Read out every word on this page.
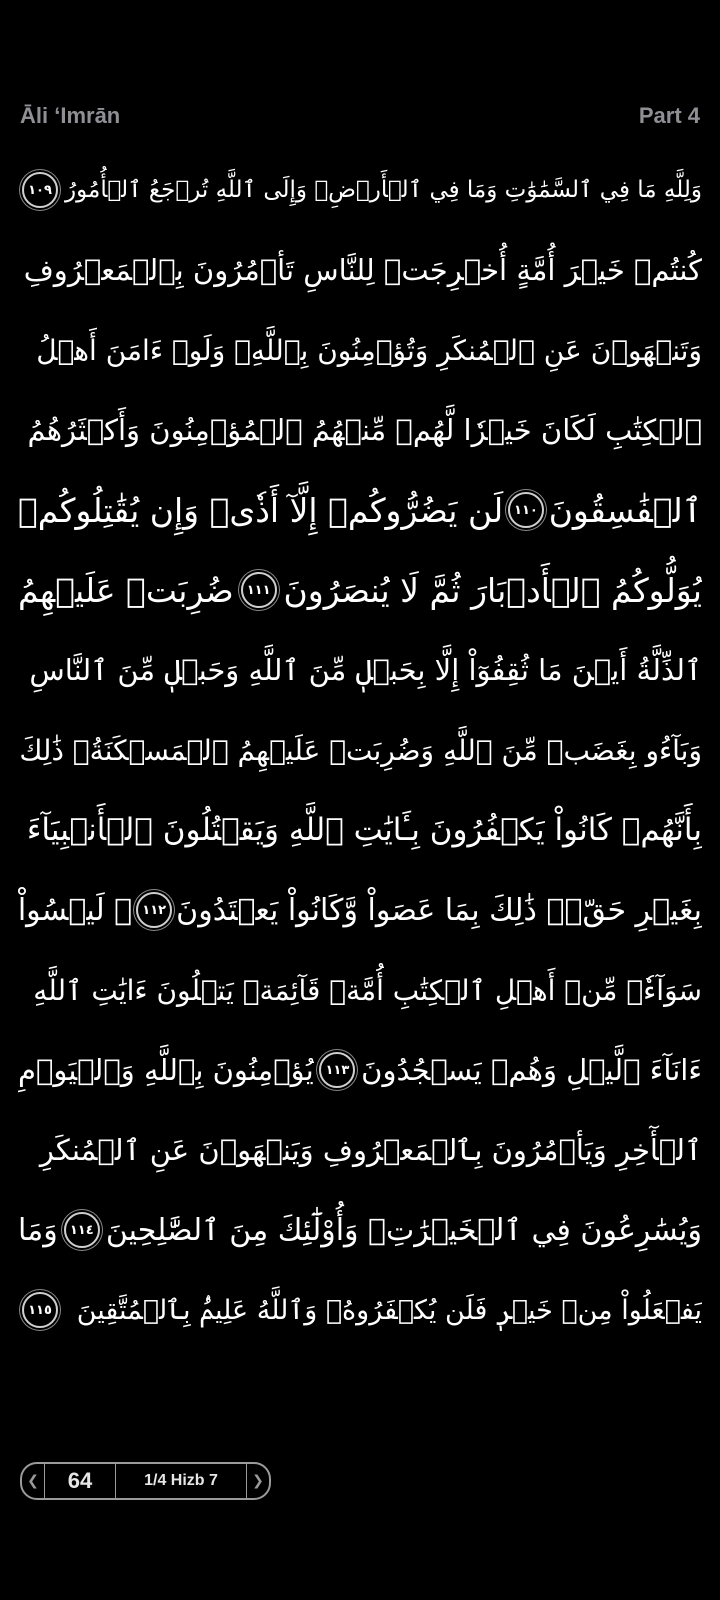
Āli ‘Imrān	Part 4
وَلِلَّهِ مَا فِي ٱلسَّمَٰوَٰتِ وَمَا فِي ٱلۡأَرۡضِۚ وَإِلَى ٱللَّهِ تُرۡجَعُ ٱلۡأُمُورُ
١٠٩
كُنتُمۡ خَيۡرَ أُمَّةٍ أُخۡرِجَتۡ لِلنَّاسِ تَأۡمُرُونَ بِٱلۡمَعۡرُوفِ
وَتَنۡهَوۡنَ عَنِ ٱلۡمُنكَرِ وَتُؤۡمِنُونَ بِٱللَّهِۗ وَلَوۡ ءَامَنَ أَهۡلُ
ٱلۡكِتَٰبِ لَكَانَ خَيۡرٗا لَّهُمۚ مِّنۡهُمُ ٱلۡمُؤۡمِنُونَ وَأَكۡثَرُهُمُ
ٱلۡفَٰسِقُونَ
١١٠
لَن يَضُرُّوكُمۡ إِلَّآ أَذٗىۖ وَإِن يُقَٰتِلُوكُمۡ
يُوَلُّوكُمُ ٱلۡأَدۡبَارَ ثُمَّ لَا يُنصَرُونَ
١١١
ضُرِبَتۡ عَلَيۡهِمُ
ٱلذِّلَّةُ أَيۡنَ مَا ثُقِفُوٓاْ إِلَّا بِحَبۡلٖ مِّنَ ٱللَّهِ وَحَبۡلٖ مِّنَ ٱلنَّاسِ
وَبَآءُو بِغَضَبٖ مِّنَ ٱللَّهِ وَضُرِبَتۡ عَلَيۡهِمُ ٱلۡمَسۡكَنَةُۚ ذَٰلِكَ
بِأَنَّهُمۡ كَانُواْ يَكۡفُرُونَ بِـَٔايَٰتِ ٱللَّهِ وَيَقۡتُلُونَ ٱلۡأَنۢبِيَآءَ
بِغَيۡرِ حَقّٖۚ ذَٰلِكَ بِمَا عَصَواْ وَّكَانُواْ يَعۡتَدُونَ
١١٢
۞ لَيۡسُواْ
سَوَآءٗۗ مِّنۡ أَهۡلِ ٱلۡكِتَٰبِ أُمَّةٞ قَآئِمَةٞ يَتۡلُونَ ءَايَٰتِ ٱللَّهِ
ءَانَآءَ ٱلَّيۡلِ وَهُمۡ يَسۡجُدُونَ
١١٣
يُؤۡمِنُونَ بِٱللَّهِ وَٱلۡيَوۡمِ
ٱلۡأٓخِرِ وَيَأۡمُرُونَ بِٱلۡمَعۡرُوفِ وَيَنۡهَوۡنَ عَنِ ٱلۡمُنكَرِ
وَيُسَٰرِعُونَ فِي ٱلۡخَيۡرَٰتِۖ وَأُوْلَٰٓئِكَ مِنَ ٱلصَّٰلِحِينَ
١١٤
وَمَا
يَفۡعَلُواْ مِنۡ خَيۡرٖ فَلَن يُكۡفَرُوهُۗ وَٱللَّهُ عَلِيمُۢ بِٱلۡمُتَّقِينَ
١١٥
❮	64	1/4 Hizb 7	❯
